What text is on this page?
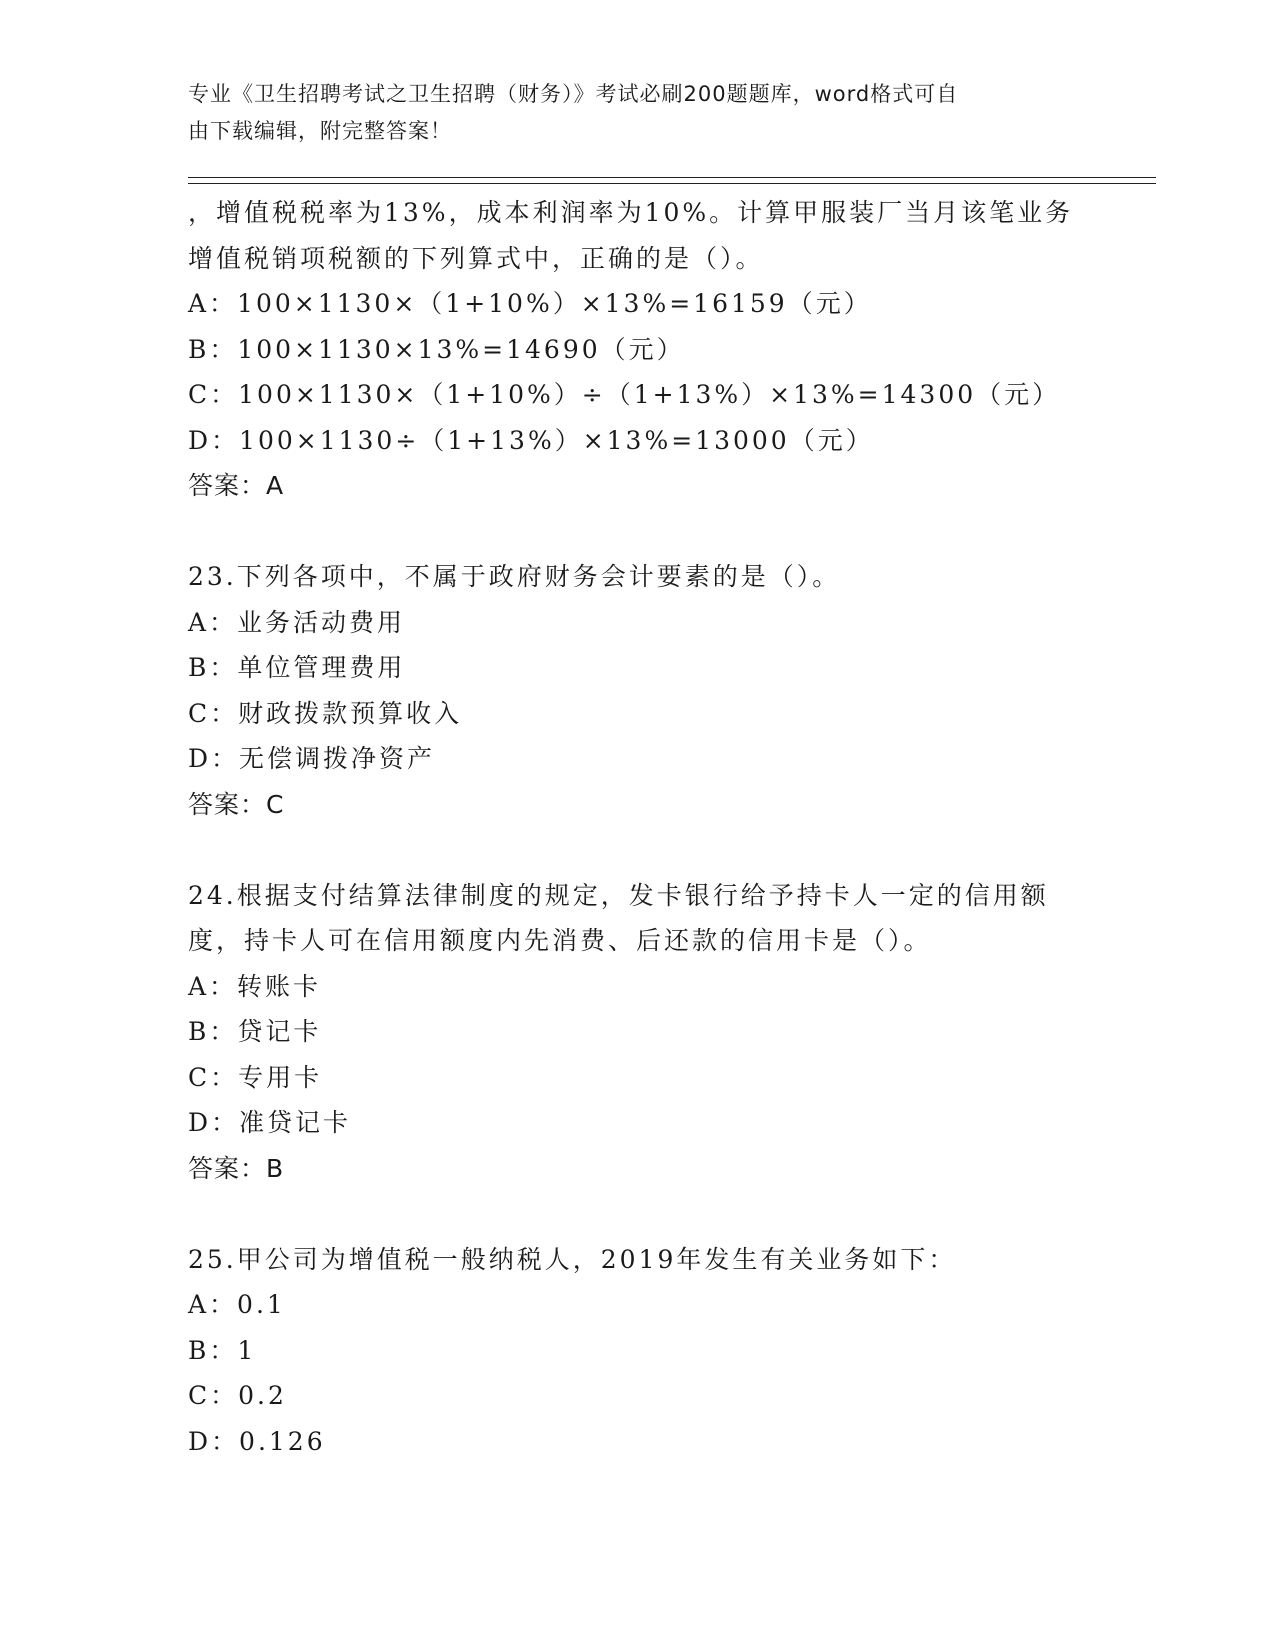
专业《卫生招聘考试之卫生招聘（财务）》考试必刷200题题库，word格式可自
由下载编辑，附完整答案！
，增值税税率为13%，成本利润率为10%。计算甲服装厂当月该笔业务
增值税销项税额的下列算式中，正确的是（）。
A：100×1130×（1+10%）×13%=16159（元）
B：100×1130×13%=14690（元）
C：100×1130×（1+10%）÷（1+13%）×13%=14300（元）
D：100×1130÷（1+13%）×13%=13000（元）
答案：A
23.下列各项中，不属于政府财务会计要素的是（）。
A：业务活动费用
B：单位管理费用
C：财政拨款预算收入
D：无偿调拨净资产
答案：C
24.根据支付结算法律制度的规定，发卡银行给予持卡人一定的信用额
度，持卡人可在信用额度内先消费、后还款的信用卡是（）。
A：转账卡
B：贷记卡
C：专用卡
D：准贷记卡
答案：B
25.甲公司为增值税一般纳税人，2019年发生有关业务如下：
A：0.1
B：1
C：0.2
D：0.126
